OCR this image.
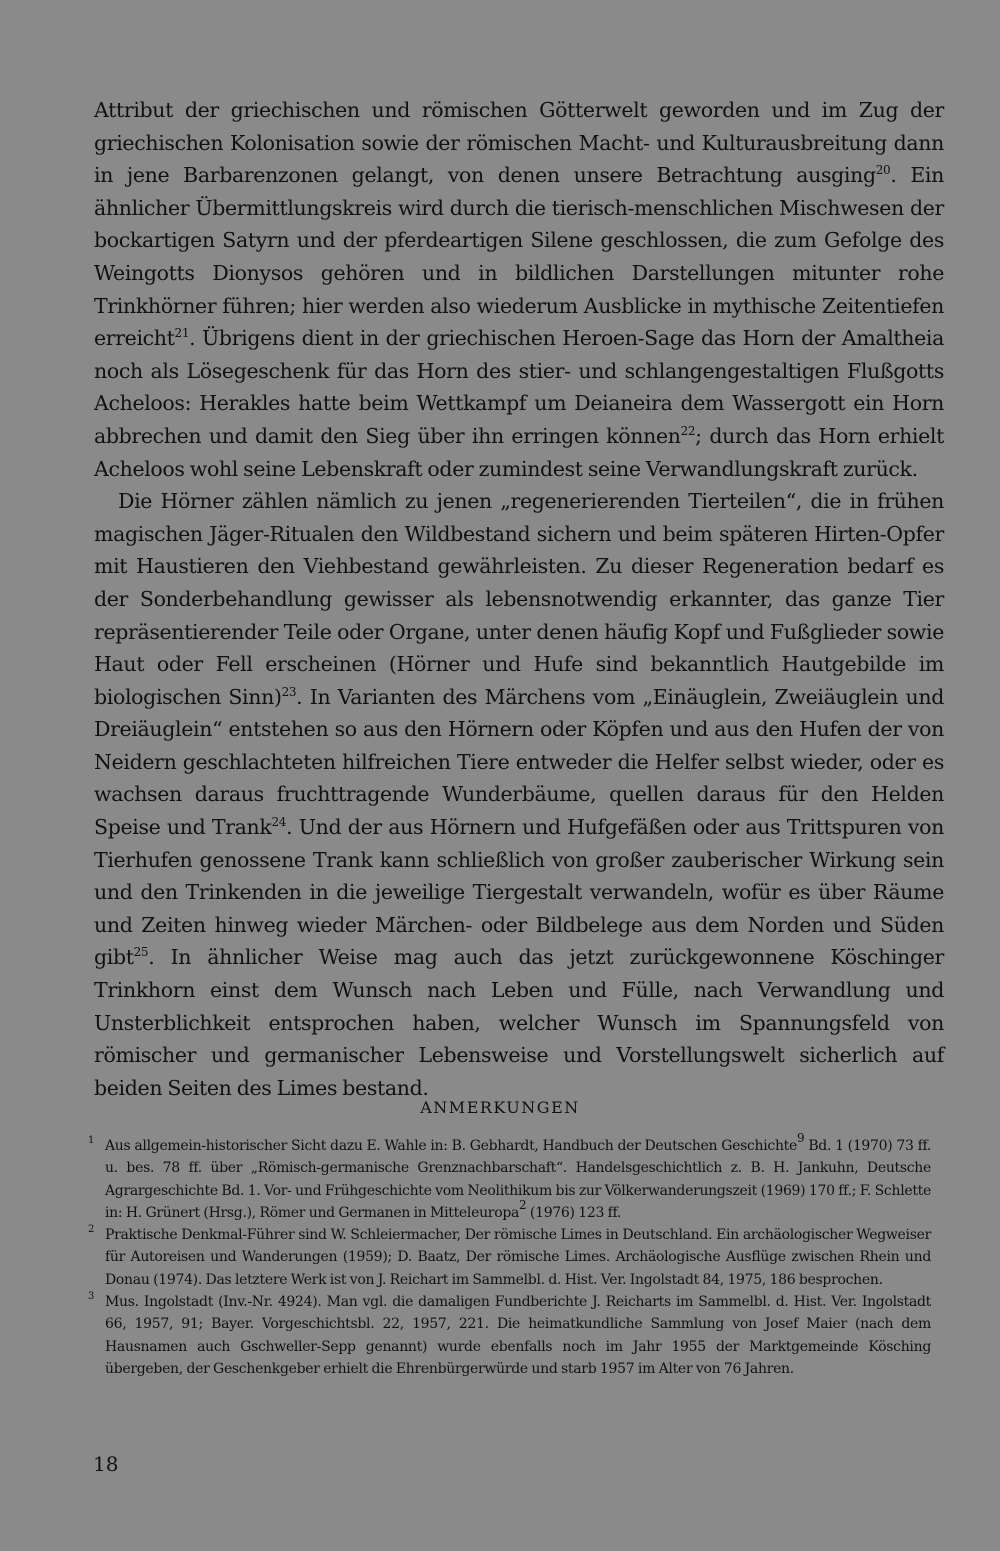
Attribut der griechischen und römischen Götterwelt geworden und im Zug der griechischen Kolonisation sowie der römischen Macht- und Kulturausbreitung dann in jene Barbarenzonen gelangt, von denen unsere Betrachtung ausging$^{20}$. Ein ähnlicher Übermittlungskreis wird durch die tierisch-menschlichen Mischwesen der bockartigen Satyrn und der pferdeartigen Silene geschlossen, die zum Gefolge des Weingotts Dionysos gehören und in bildlichen Darstellungen mitunter rohe Trinkhörner führen; hier werden also wiederum Ausblicke in mythische Zeitentiefen erreicht$^{21}$. Übrigens dient in der griechischen Heroen-Sage das Horn der Amaltheia noch als Lösegeschenk für das Horn des stier- und schlangengestaltigen Flußgotts Acheloos: Herakles hatte beim Wettkampf um Deianeira dem Wassergott ein Horn abbrechen und damit den Sieg über ihn erringen können$^{22}$; durch das Horn erhielt Acheloos wohl seine Lebenskraft oder zumindest seine Verwandlungskraft zurück.

Die Hörner zählen nämlich zu jenen „regenerierenden Tierteilen“, die in frühen magischen Jäger-Ritualen den Wildbestand sichern und beim späteren Hirten-Opfer mit Haustieren den Viehbestand gewährleisten. Zu dieser Regeneration bedarf es der Sonderbehandlung gewisser als lebensnotwendig erkannter, das ganze Tier repräsentierender Teile oder Organe, unter denen häufig Kopf und Fußglieder sowie Haut oder Fell erscheinen (Hörner und Hufe sind bekanntlich Hautgebilde im biologischen Sinn)$^{23}$. In Varianten des Märchens vom „Einäuglein, Zweiäuglein und Dreiäuglein“ entstehen so aus den Hörnern oder Köpfen und aus den Hufen der von Neidern geschlachteten hilfreichen Tiere entweder die Helfer selbst wieder, oder es wachsen daraus fruchttragende Wunderbäume, quellen daraus für den Helden Speise und Trank$^{24}$. Und der aus Hörnern und Hufgefäßen oder aus Trittspuren von Tierhufen genossene Trank kann schließlich von großer zauberischer Wirkung sein und den Trinkenden in die jeweilige Tiergestalt verwandeln, wofür es über Räume und Zeiten hinweg wieder Märchen- oder Bildbelege aus dem Norden und Süden gibt$^{25}$. In ähnlicher Weise mag auch das jetzt zurückgewonnene Köschinger Trinkhorn einst dem Wunsch nach Leben und Fülle, nach Verwandlung und Unsterblichkeit entsprochen haben, welcher Wunsch im Spannungsfeld von römischer und germanischer Lebensweise und Vorstellungswelt sicherlich auf beiden Seiten des Limes bestand.

ANMERKUNGEN

1 Aus allgemein-historischer Sicht dazu E. Wahle in: B. Gebhardt, Handbuch der Deutschen Geschichte$^9$ Bd. 1 (1970) 73 ff. u. bes. 78 ff. über „Römisch-germanische Grenznachbarschaft“. Handelsgeschichtlich z. B. H. Jankuhn, Deutsche Agrargeschichte Bd. 1. Vor- und Frühgeschichte vom Neolithikum bis zur Völkerwanderungszeit (1969) 170 ff.; F. Schlette in: H. Grünert (Hrsg.), Römer und Germanen in Mitteleuropa$^2$ (1976) 123 ff.

2 Praktische Denkmal-Führer sind W. Schleiermacher, Der römische Limes in Deutschland. Ein archäologischer Wegweiser für Autoreisen und Wanderungen (1959); D. Baatz, Der römische Limes. Archäologische Ausflüge zwischen Rhein und Donau (1974). Das letztere Werk ist von J. Reichart im Sammelbl. d. Hist. Ver. Ingolstadt 84, 1975, 186 besprochen.

3 Mus. Ingolstadt (Inv.-Nr. 4924). Man vgl. die damaligen Fundberichte J. Reicharts im Sammelbl. d. Hist. Ver. Ingolstadt 66, 1957, 91; Bayer. Vorgeschichtsbl. 22, 1957, 221. Die heimatkundliche Sammlung von Josef Maier (nach dem Hausnamen auch Gschweller-Sepp genannt) wurde ebenfalls noch im Jahr 1955 der Marktgemeinde Kösching übergeben, der Geschenkgeber erhielt die Ehrenbürgerwürde und starb 1957 im Alter von 76 Jahren.

18
